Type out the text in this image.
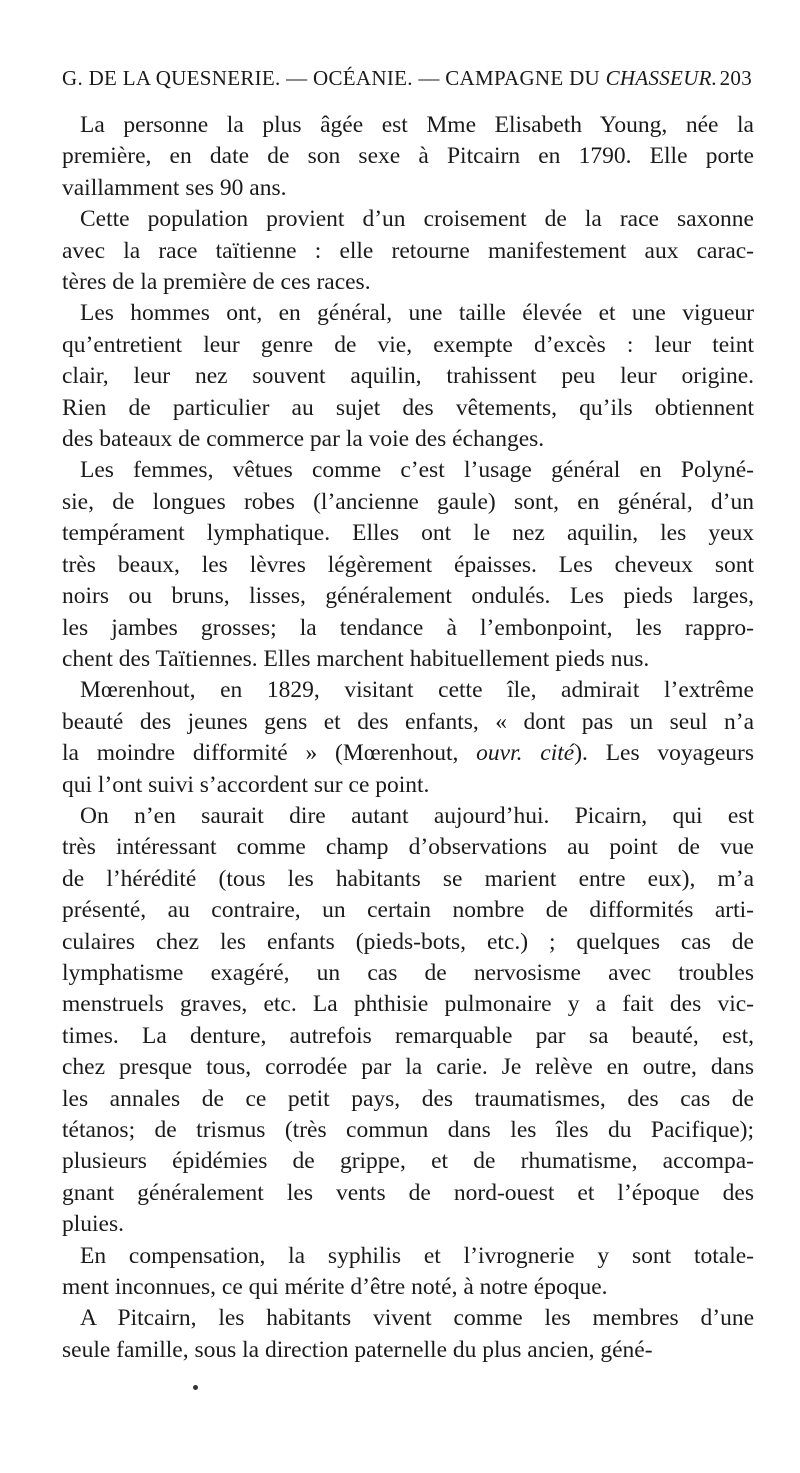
G. DE LA QUESNERIE. — OCÉANIE. — CAMPAGNE DU CHASSEUR. 203
La personne la plus âgée est Mme Elisabeth Young, née la
première, en date de son sexe à Pitcairn en 1790. Elle porte
vaillamment ses 90 ans.
Cette population provient d’un croisement de la race saxonne
avec la race taïtienne : elle retourne manifestement aux carac-
tères de la première de ces races.
Les hommes ont, en général, une taille élevée et une vigueur
qu’entretient leur genre de vie, exempte d’excès : leur teint
clair, leur nez souvent aquilin, trahissent peu leur origine.
Rien de particulier au sujet des vêtements, qu’ils obtiennent
des bateaux de commerce par la voie des échanges.
Les femmes, vêtues comme c’est l’usage général en Polyné-
sie, de longues robes (l’ancienne gaule) sont, en général, d’un
tempérament lymphatique. Elles ont le nez aquilin, les yeux
très beaux, les lèvres légèrement épaisses. Les cheveux sont
noirs ou bruns, lisses, généralement ondulés. Les pieds larges,
les jambes grosses; la tendance à l’embonpoint, les rappro-
chent des Taïtiennes. Elles marchent habituellement pieds nus.
Mœrenhout, en 1829, visitant cette île, admirait l’extrême
beauté des jeunes gens et des enfants, « dont pas un seul n’a
la moindre difformité » (Mœrenhout, ouvr. cité). Les voyageurs
qui l’ont suivi s’accordent sur ce point.
On n’en saurait dire autant aujourd’hui. Picairn, qui est
très intéressant comme champ d’observations au point de vue
de l’hérédité (tous les habitants se marient entre eux), m’a
présenté, au contraire, un certain nombre de difformités arti-
culaires chez les enfants (pieds-bots, etc.) ; quelques cas de
lymphatisme exagéré, un cas de nervosisme avec troubles
menstruels graves, etc. La phthisie pulmonaire y a fait des vic-
times. La denture, autrefois remarquable par sa beauté, est,
chez presque tous, corrodée par la carie. Je relève en outre, dans
les annales de ce petit pays, des traumatismes, des cas de
tétanos; de trismus (très commun dans les îles du Pacifique);
plusieurs épidémies de grippe, et de rhumatisme, accompa-
gnant généralement les vents de nord-ouest et l’époque des
pluies.
En compensation, la syphilis et l’ivrognerie y sont totale-
ment inconnues, ce qui mérite d’être noté, à notre époque.
A Pitcairn, les habitants vivent comme les membres d’une
seule famille, sous la direction paternelle du plus ancien, géné-
